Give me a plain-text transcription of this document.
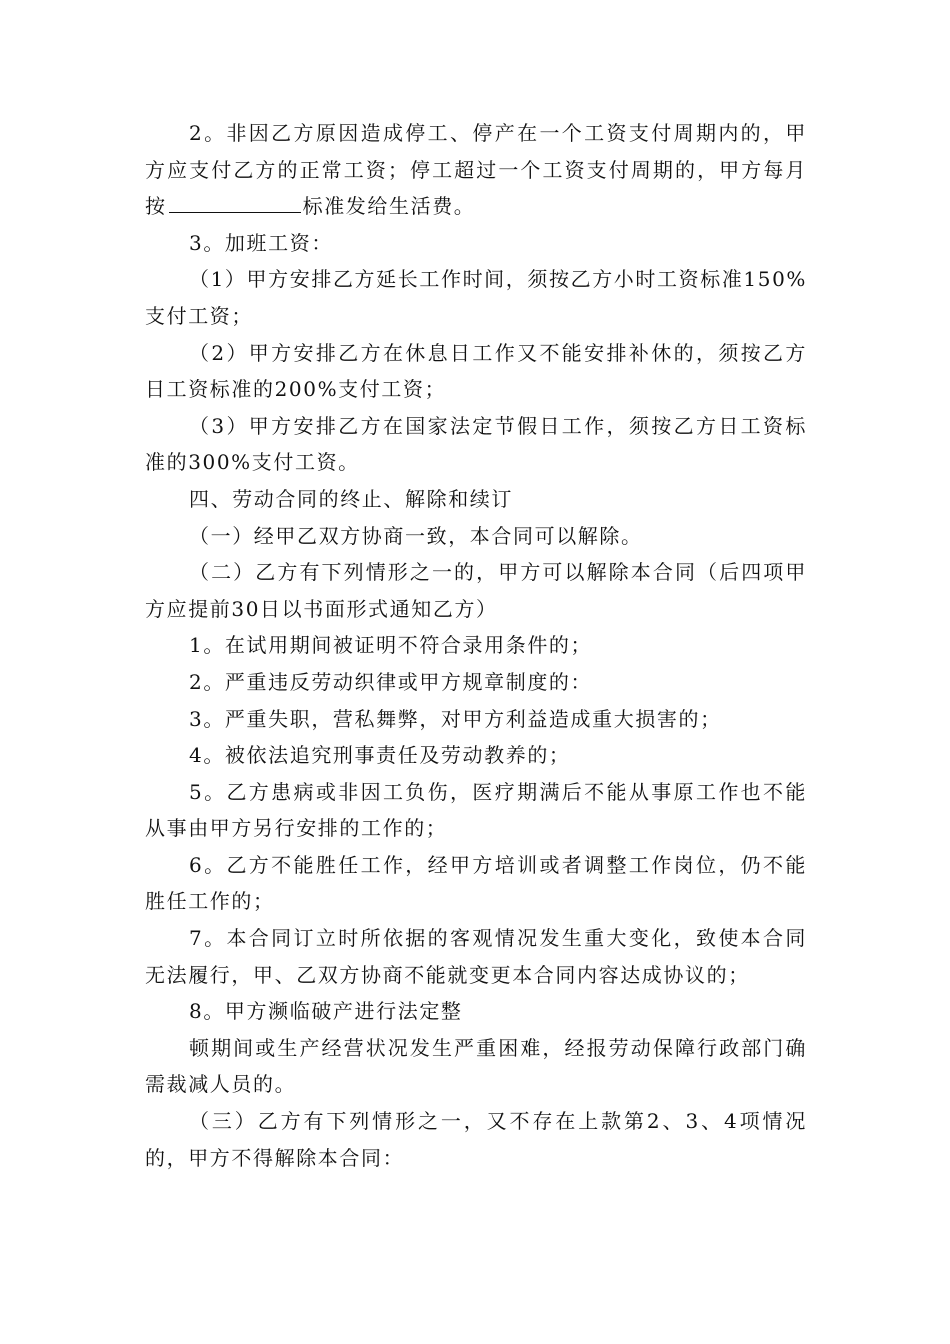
2。非因乙方原因造成停工、停产在一个工资支付周期内的，甲方应支付乙方的正常工资；停工超过一个工资支付周期的，甲方每月按	标准发给生活费。

3。加班工资：

（1）甲方安排乙方延长工作时间，须按乙方小时工资标准150%支付工资；

（2）甲方安排乙方在休息日工作又不能安排补休的，须按乙方日工资标准的200%支付工资；

（3）甲方安排乙方在国家法定节假日工作，须按乙方日工资标准的300%支付工资。

四、劳动合同的终止、解除和续订

（一）经甲乙双方协商一致，本合同可以解除。

（二）乙方有下列情形之一的，甲方可以解除本合同（后四项甲方应提前30日以书面形式通知乙方）

1。在试用期间被证明不符合录用条件的；

2。严重违反劳动织律或甲方规章制度的：

3。严重失职，营私舞弊，对甲方利益造成重大损害的；

4。被依法追究刑事责任及劳动教养的；

5。乙方患病或非因工负伤，医疗期满后不能从事原工作也不能从事由甲方另行安排的工作的；

6。乙方不能胜任工作，经甲方培训或者调整工作岗位，仍不能胜任工作的；

7。本合同订立时所依据的客观情况发生重大变化，致使本合同无法履行，甲、乙双方协商不能就变更本合同内容达成协议的；

8。甲方濒临破产进行法定整

顿期间或生产经营状况发生严重困难，经报劳动保障行政部门确需裁减人员的。

（三）乙方有下列情形之一，又不存在上款第2、3、4项情况的，甲方不得解除本合同：
